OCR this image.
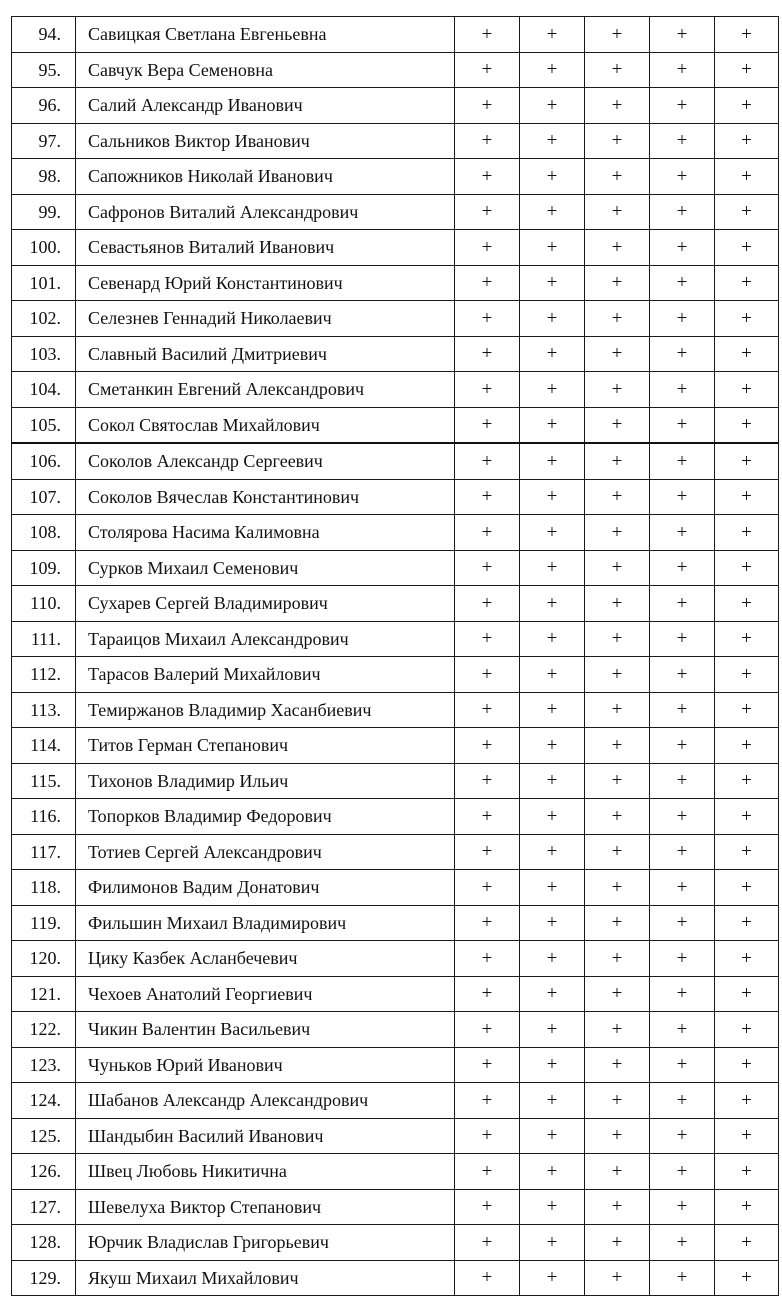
94.	Савицкая Светлана Евгеньевна	+	+	+	+	+
95.	Савчук Вера Семеновна	+	+	+	+	+
96.	Салий Александр Иванович	+	+	+	+	+
97.	Сальников Виктор Иванович	+	+	+	+	+
98.	Сапожников Николай Иванович	+	+	+	+	+
99.	Сафронов Виталий Александрович	+	+	+	+	+
100.	Севастьянов Виталий Иванович	+	+	+	+	+
101.	Севенард Юрий Константинович	+	+	+	+	+
102.	Селезнев Геннадий Николаевич	+	+	+	+	+
103.	Славный Василий Дмитриевич	+	+	+	+	+
104.	Сметанкин Евгений Александрович	+	+	+	+	+
105.	Сокол Святослав Михайлович	+	+	+	+	+
106.	Соколов Александр Сергеевич	+	+	+	+	+
107.	Соколов Вячеслав Константинович	+	+	+	+	+
108.	Столярова Насима Калимовна	+	+	+	+	+
109.	Сурков Михаил Семенович	+	+	+	+	+
110.	Сухарев Сергей Владимирович	+	+	+	+	+
111.	Тараицов Михаил Александрович	+	+	+	+	+
112.	Тарасов Валерий Михайлович	+	+	+	+	+
113.	Темиржанов Владимир Хасанбиевич	+	+	+	+	+
114.	Титов Герман Степанович	+	+	+	+	+
115.	Тихонов Владимир Ильич	+	+	+	+	+
116.	Топорков Владимир Федорович	+	+	+	+	+
117.	Тотиев Сергей Александрович	+	+	+	+	+
118.	Филимонов Вадим Донатович	+	+	+	+	+
119.	Фильшин Михаил Владимирович	+	+	+	+	+
120.	Цику Казбек Асланбечевич	+	+	+	+	+
121.	Чехоев Анатолий Георгиевич	+	+	+	+	+
122.	Чикин Валентин Васильевич	+	+	+	+	+
123.	Чуньков Юрий Иванович	+	+	+	+	+
124.	Шабанов Александр Александрович	+	+	+	+	+
125.	Шандыбин Василий Иванович	+	+	+	+	+
126.	Швец Любовь Никитична	+	+	+	+	+
127.	Шевелуха Виктор Степанович	+	+	+	+	+
128.	Юрчик Владислав Григорьевич	+	+	+	+	+
129.	Якуш Михаил Михайлович	+	+	+	+	+
